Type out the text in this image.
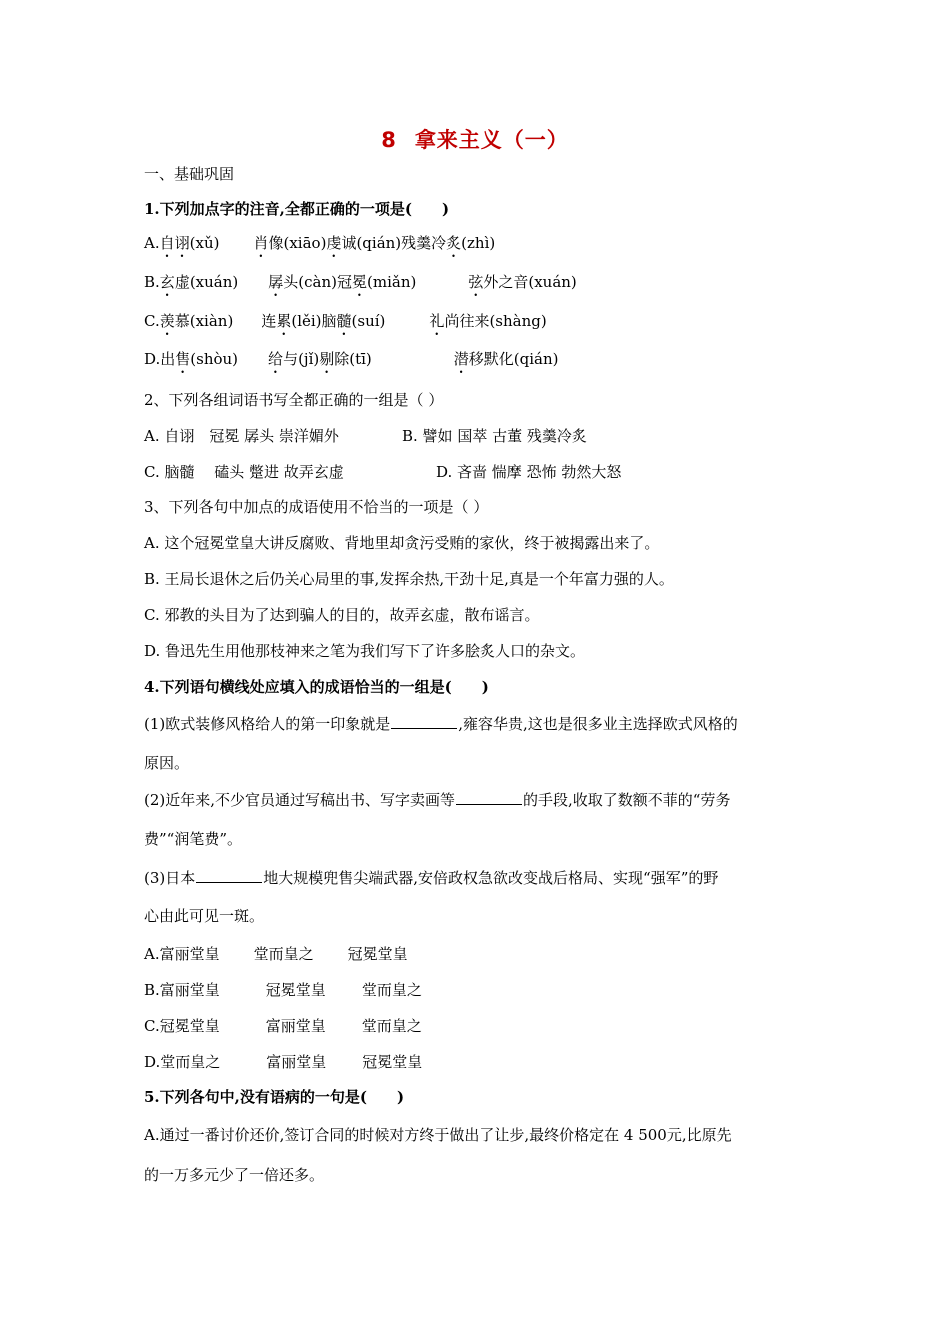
8 拿来主义（一）
一、基础巩固
1.下列加点字的注音,全都正确的一项是(　　)
A.自诩(xǔ) 肖像(xiāo)虔诚(qián)残羹冷炙(zhì)
B.玄虚(xuán) 孱头(càn)冠冕(miǎn)	弦外之音(xuán)
C.羡慕(xiàn) 连累(lěi)脑髓(suí)	礼尚往来(shàng)
D.出售(shòu) 给与(jǐ)剔除(tī)	潜移默化(qián)
2、下列各组词语书写全都正确的一组是（ ）
A. 自诩　冠冕 孱头 崇洋媚外	B. 譬如 国萃 古董 残羹冷炙
C. 脑髓　 磕头 蹩进 故弄玄虚	D. 吝啬 惴摩 恐怖 勃然大怒
3、下列各句中加点的成语使用不恰当的一项是（ ）
A. 这个冠冕堂皇大讲反腐败、背地里却贪污受贿的家伙，终于被揭露出来了。
B. 王局长退休之后仍关心局里的事,发挥余热,干劲十足,真是一个年富力强的人。
C. 邪教的头目为了达到骗人的目的，故弄玄虚，散布谣言。
D. 鲁迅先生用他那枝神来之笔为我们写下了许多脍炙人口的杂文。
4.下列语句横线处应填入的成语恰当的一组是(　　)
(1)欧式装修风格给人的第一印象就是	,雍容华贵,这也是很多业主选择欧式风格的
原因。
(2)近年来,不少官员通过写稿出书、写字卖画等	的手段,收取了数额不菲的“劳务
费”“润笔费”。
(3)日本	地大规模兜售尖端武器,安倍政权急欲改变战后格局、实现“强军”的野
心由此可见一斑。
A.富丽堂皇 堂而皇之 冠冕堂皇
B.富丽堂皇	冠冕堂皇 堂而皇之
C.冠冕堂皇	富丽堂皇 堂而皇之
D.堂而皇之	富丽堂皇 冠冕堂皇
5.下列各句中,没有语病的一句是(　　)
A.通过一番讨价还价,签订合同的时候对方终于做出了让步,最终价格定在 4 500元,比原先
的一万多元少了一倍还多。
